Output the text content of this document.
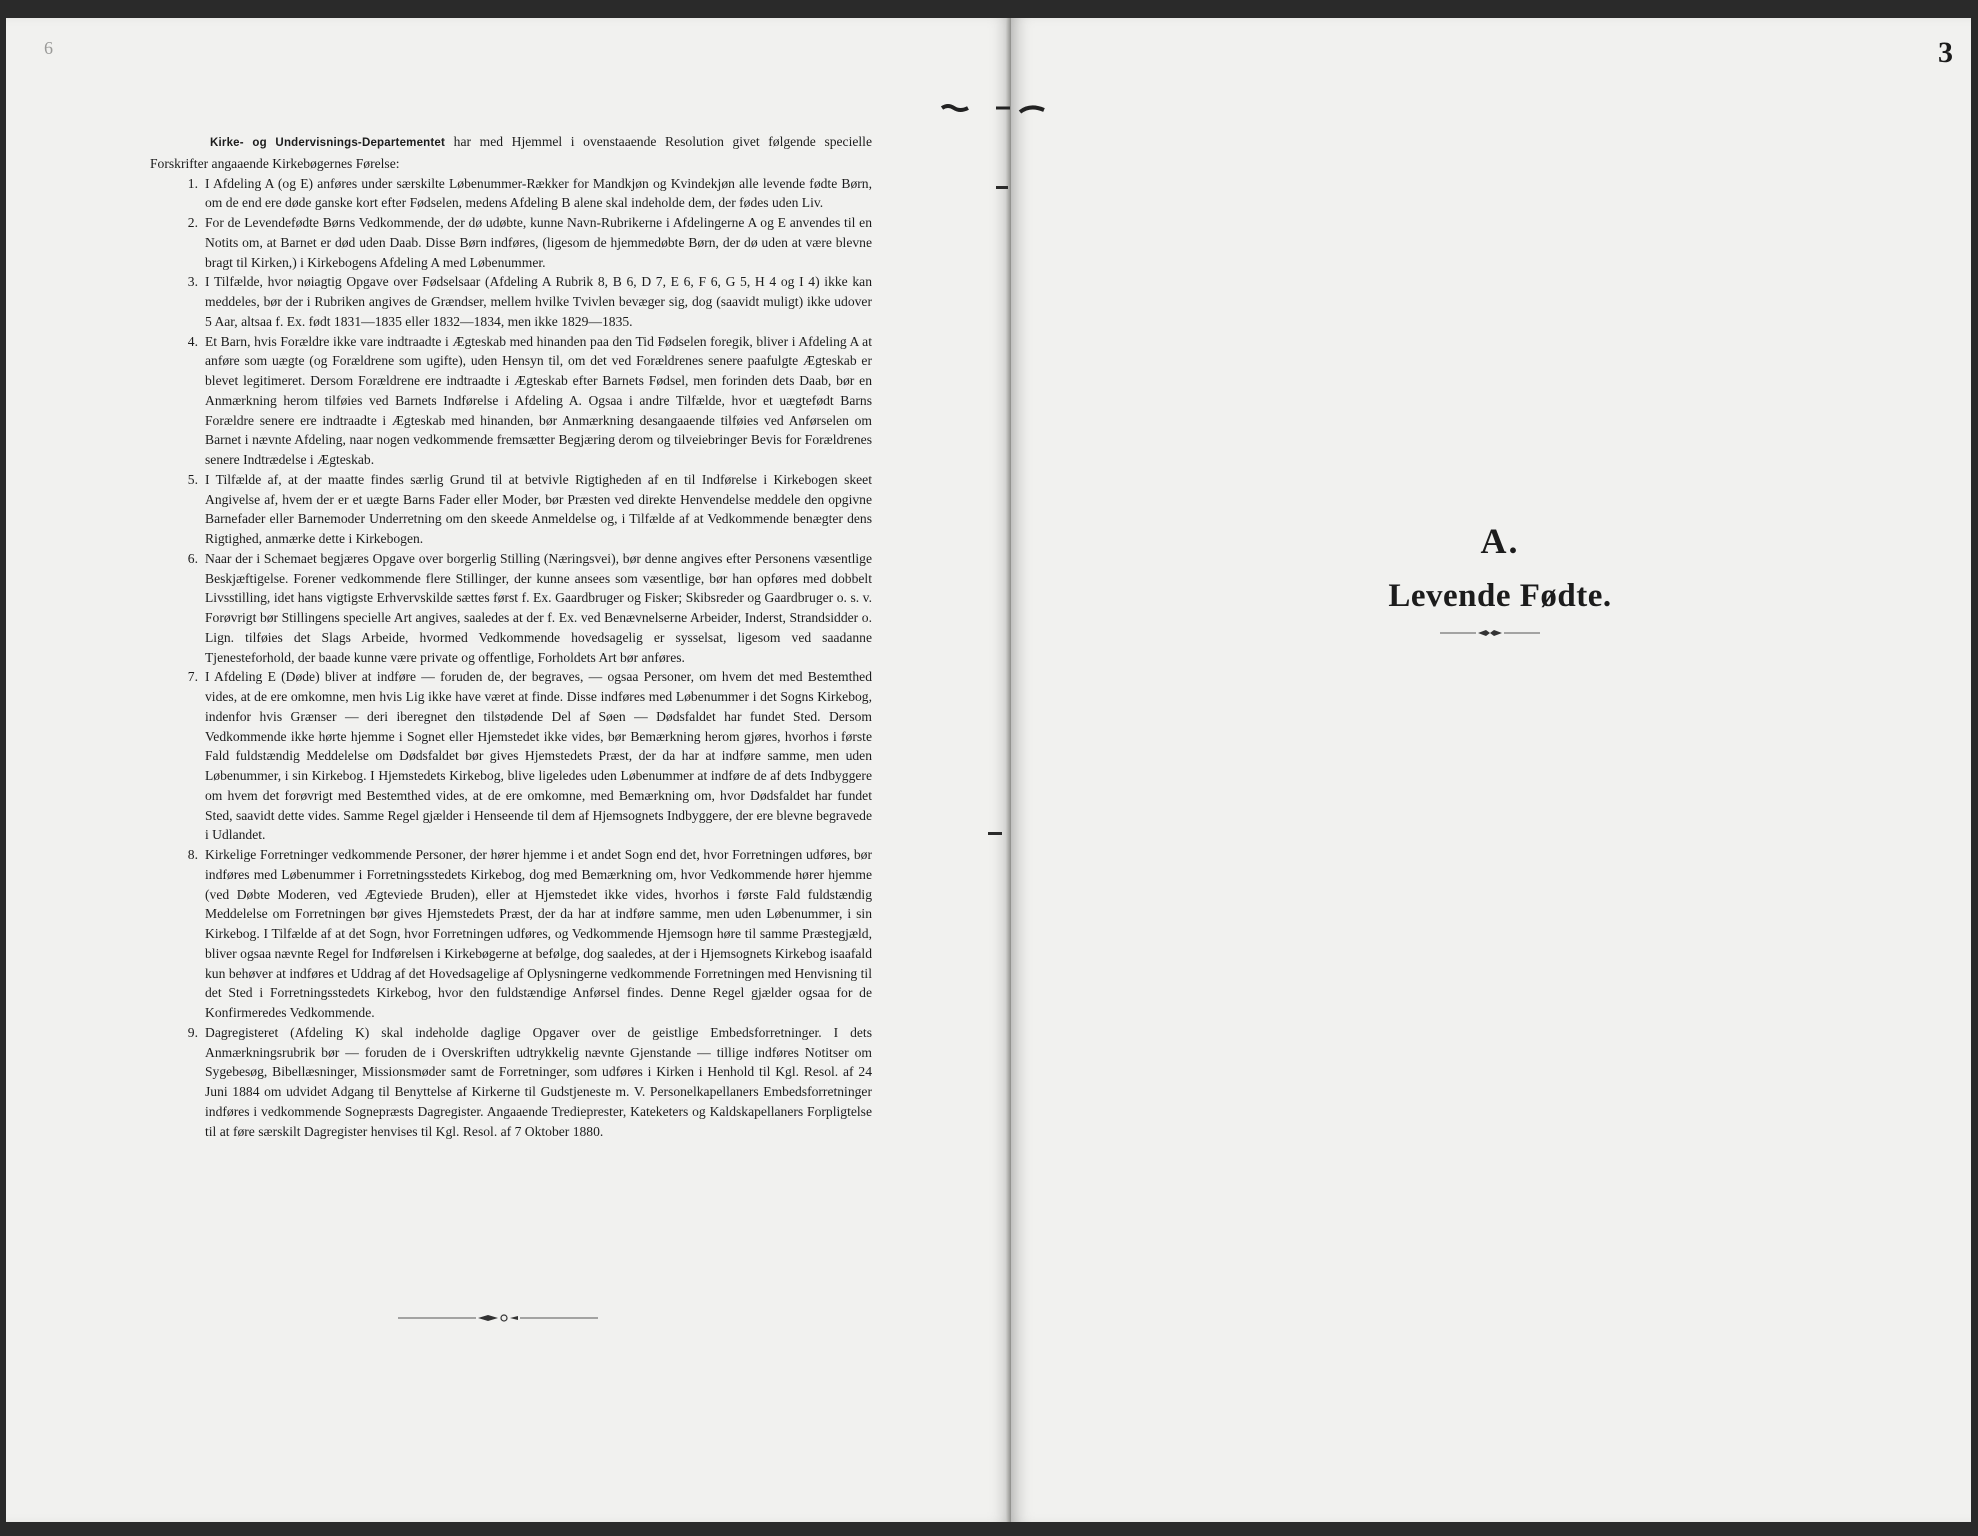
6

Kirke- og Undervisnings-Departementet har med Hjemmel i ovenstaaende Resolution givet følgende specielle Forskrifter angaaende Kirkebøgernes Førelse:

1. I Afdeling A (og E) anføres under særskilte Løbenummer-Rækker for Mandkjøn og Kvindekjøn alle levende fødte Børn, om de end ere døde ganske kort efter Fødselen, medens Afdeling B alene skal indeholde dem, der fødes uden Liv.
2. For de Levendefødte Børns Vedkommende, der dø udøbte, kunne Navn-Rubrikerne i Afdelingerne A og E anvendes til en Notits om, at Barnet er død uden Daab. Disse Børn indføres, (ligesom de hjemmedøbte Børn, der dø uden at være blevne bragt til Kirken,) i Kirkebogens Afdeling A med Løbenummer.
3. I Tilfælde, hvor nøiagtig Opgave over Fødselsaar (Afdeling A Rubrik 8, B 6, D 7, E 6, F 6, G 5, H 4 og I 4) ikke kan meddeles, bør der i Rubriken angives de Grændser, mellem hvilke Tvivlen bevæger sig, dog (saavidt muligt) ikke udover 5 Aar, altsaa f. Ex. født 1831—1835 eller 1832—1834, men ikke 1829—1835.
4. Et Barn, hvis Forældre ikke vare indtraadte i Ægteskab med hinanden paa den Tid Fødselen foregik, bliver i Afdeling A at anføre som uægte (og Forældrene som ugifte), uden Hensyn til, om det ved Forældrenes senere paafulgte Ægteskab er blevet legitimeret. Dersom Forældrene ere indtraadte i Ægteskab efter Barnets Fødsel, men forinden dets Daab, bør en Anmærkning herom tilføies ved Barnets Indførelse i Afdeling A. Ogsaa i andre Tilfælde, hvor et uægtefødt Barns Forældre senere ere indtraadte i Ægteskab med hinanden, bør Anmærkning desangaaende tilføies ved Anførselen om Barnet i nævnte Afdeling, naar nogen vedkommende fremsætter Begjæring derom og tilveiebringer Bevis for Forældrenes senere Indtrædelse i Ægteskab.
5. I Tilfælde af, at der maatte findes særlig Grund til at betvivle Rigtigheden af en til Indførelse i Kirkebogen skeet Angivelse af, hvem der er et uægte Barns Fader eller Moder, bør Præsten ved direkte Henvendelse meddele den opgivne Barnefader eller Barnemoder Underretning om den skeede Anmeldelse og, i Tilfælde af at Vedkommende benægter dens Rigtighed, anmærke dette i Kirkebogen.
6. Naar der i Schemaet begjæres Opgave over borgerlig Stilling (Næringsvei), bør denne angives efter Personens væsentlige Beskjæftigelse. Forener vedkommende flere Stillinger, der kunne ansees som væsentlige, bør han opføres med dobbelt Livsstilling, idet hans vigtigste Erhvervskilde sættes først f. Ex. Gaardbruger og Fisker; Skibsreder og Gaardbruger o. s. v. Forøvrigt bør Stillingens specielle Art angives, saaledes at der f. Ex. ved Benævnelserne Arbeider, Inderst, Strandsidder o. Lign. tilføies det Slags Arbeide, hvormed Vedkommende hovedsagelig er sysselsat, ligesom ved saadanne Tjenesteforhold, der baade kunne være private og offentlige, Forholdets Art bør anføres.
7. I Afdeling E (Døde) bliver at indføre — foruden de, der begraves, — ogsaa Personer, om hvem det med Bestemthed vides, at de ere omkomne, men hvis Lig ikke have været at finde. Disse indføres med Løbenummer i det Sogns Kirkebog, indenfor hvis Grænser — deri iberegnet den tilstødende Del af Søen — Dødsfaldet har fundet Sted. Dersom Vedkommende ikke hørte hjemme i Sognet eller Hjemstedet ikke vides, bør Bemærkning herom gjøres, hvorhos i første Fald fuldstændig Meddelelse om Dødsfaldet bør gives Hjemstedets Præst, der da har at indføre samme, men uden Løbenummer, i sin Kirkebog. I Hjemstedets Kirkebog, blive ligeledes uden Løbenummer at indføre de af dets Indbyggere om hvem det forøvrigt med Bestemthed vides, at de ere omkomne, med Bemærkning om, hvor Dødsfaldet har fundet Sted, saavidt dette vides. Samme Regel gjælder i Henseende til dem af Hjemsognets Indbyggere, der ere blevne begravede i Udlandet.
8. Kirkelige Forretninger vedkommende Personer, der hører hjemme i et andet Sogn end det, hvor Forretningen udføres, bør indføres med Løbenummer i Forretningsstedets Kirkebog, dog med Bemærkning om, hvor Vedkommende hører hjemme (ved Døbte Moderen, ved Ægteviede Bruden), eller at Hjemstedet ikke vides, hvorhos i første Fald fuldstændig Meddelelse om Forretningen bør gives Hjemstedets Præst, der da har at indføre samme, men uden Løbenummer, i sin Kirkebog. I Tilfælde af at det Sogn, hvor Forretningen udføres, og Vedkommende Hjemsogn høre til samme Præstegjæld, bliver ogsaa nævnte Regel for Indførelsen i Kirkebøgerne at befølge, dog saaledes, at der i Hjemsognets Kirkebog isaafald kun behøver at indføres et Uddrag af det Hovedsagelige af Oplysningerne vedkommende Forretningen med Henvisning til det Sted i Forretningsstedets Kirkebog, hvor den fuldstændige Anførsel findes. Denne Regel gjælder ogsaa for de Konfirmeredes Vedkommende.
9. Dagregisteret (Afdeling K) skal indeholde daglige Opgaver over de geistlige Embedsforretninger. I dets Anmærkningsrubrik bør — foruden de i Overskriften udtrykkelig nævnte Gjenstande — tillige indføres Notitser om Sygebesøg, Bibellæsninger, Missionsmøder samt de Forretninger, som udføres i Kirken i Henhold til Kgl. Resol. af 24 Juni 1884 om udvidet Adgang til Benyttelse af Kirkerne til Gudstjeneste m. V. Personelkapellaners Embedsforretninger indføres i vedkommende Sognepræsts Dagregister. Angaaende Tredieprester, Kateketers og Kaldskapellaners Forpligtelse til at føre særskilt Dagregister henvises til Kgl. Resol. af 7 Oktober 1880.
3
A.
Levende Fødte.
